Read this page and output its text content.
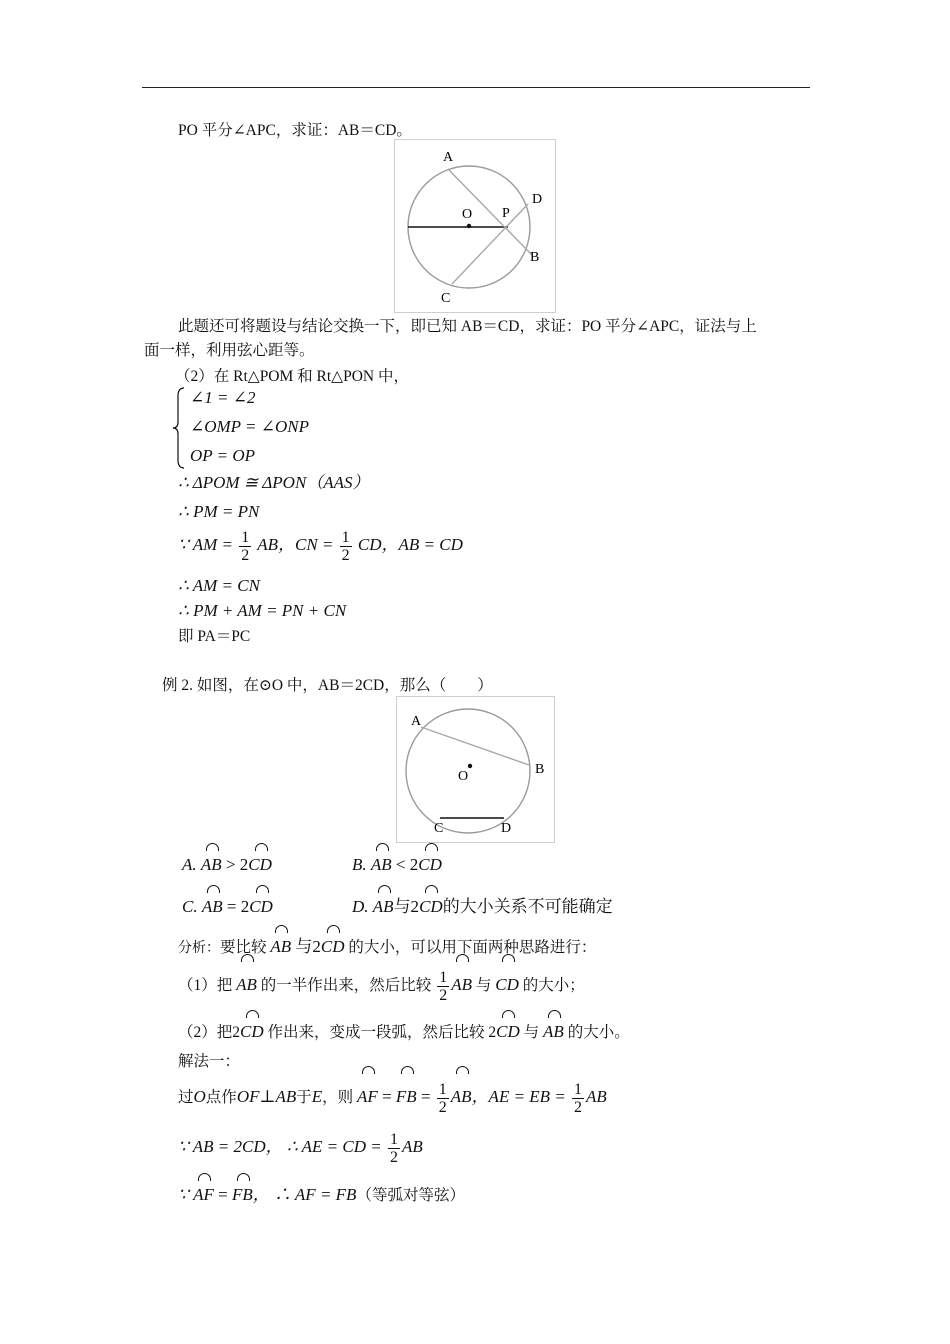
PO 平分∠APC，求证：AB＝CD。
A
O P
D
B
C
此题还可将题设与结论交换一下，即已知 AB＝CD，求证：PO 平分∠APC，证法与上
面一样，利用弦心距等。
（2）在 Rt△POM 和 Rt△PON 中，
∠1 = ∠2
∠OMP = ∠ONP
OP = OP
∴ ΔPOM ≅ ΔPON（AAS）
∴ PM = PN
∵ AM = $\frac{1}{2}$ AB，CN = $\frac{1}{2}$ CD，AB = CD
∴ AM = CN
∴ PM + AM = PN + CN
即 PA＝PC
例 2. 如图，在⊙O 中，AB＝2CD，那么（　　）
A
O	B
C	D
A. AB > 2CD	B. AB < 2CD
C. AB = 2CD	D. AB与2CD的大小关系不可能确定
分析：要比较 AB 与2CD 的大小，可以用下面两种思路进行：
（1）把 AB 的一半作出来，然后比较 $\frac{1}{2}$ AB 与 CD 的大小；
（2）把2CD 作出来，变成一段弧，然后比较 2CD 与 AB 的大小。
解法一：
过O点作OF⊥AB于E，则 AF = FB = $\frac{1}{2}$ AB，AE = EB = $\frac{1}{2}$ AB
∵ AB = 2CD， ∴ AE = CD = $\frac{1}{2}$ AB
∵ AF = FB， ∴ AF = FB（等弧对等弦）
